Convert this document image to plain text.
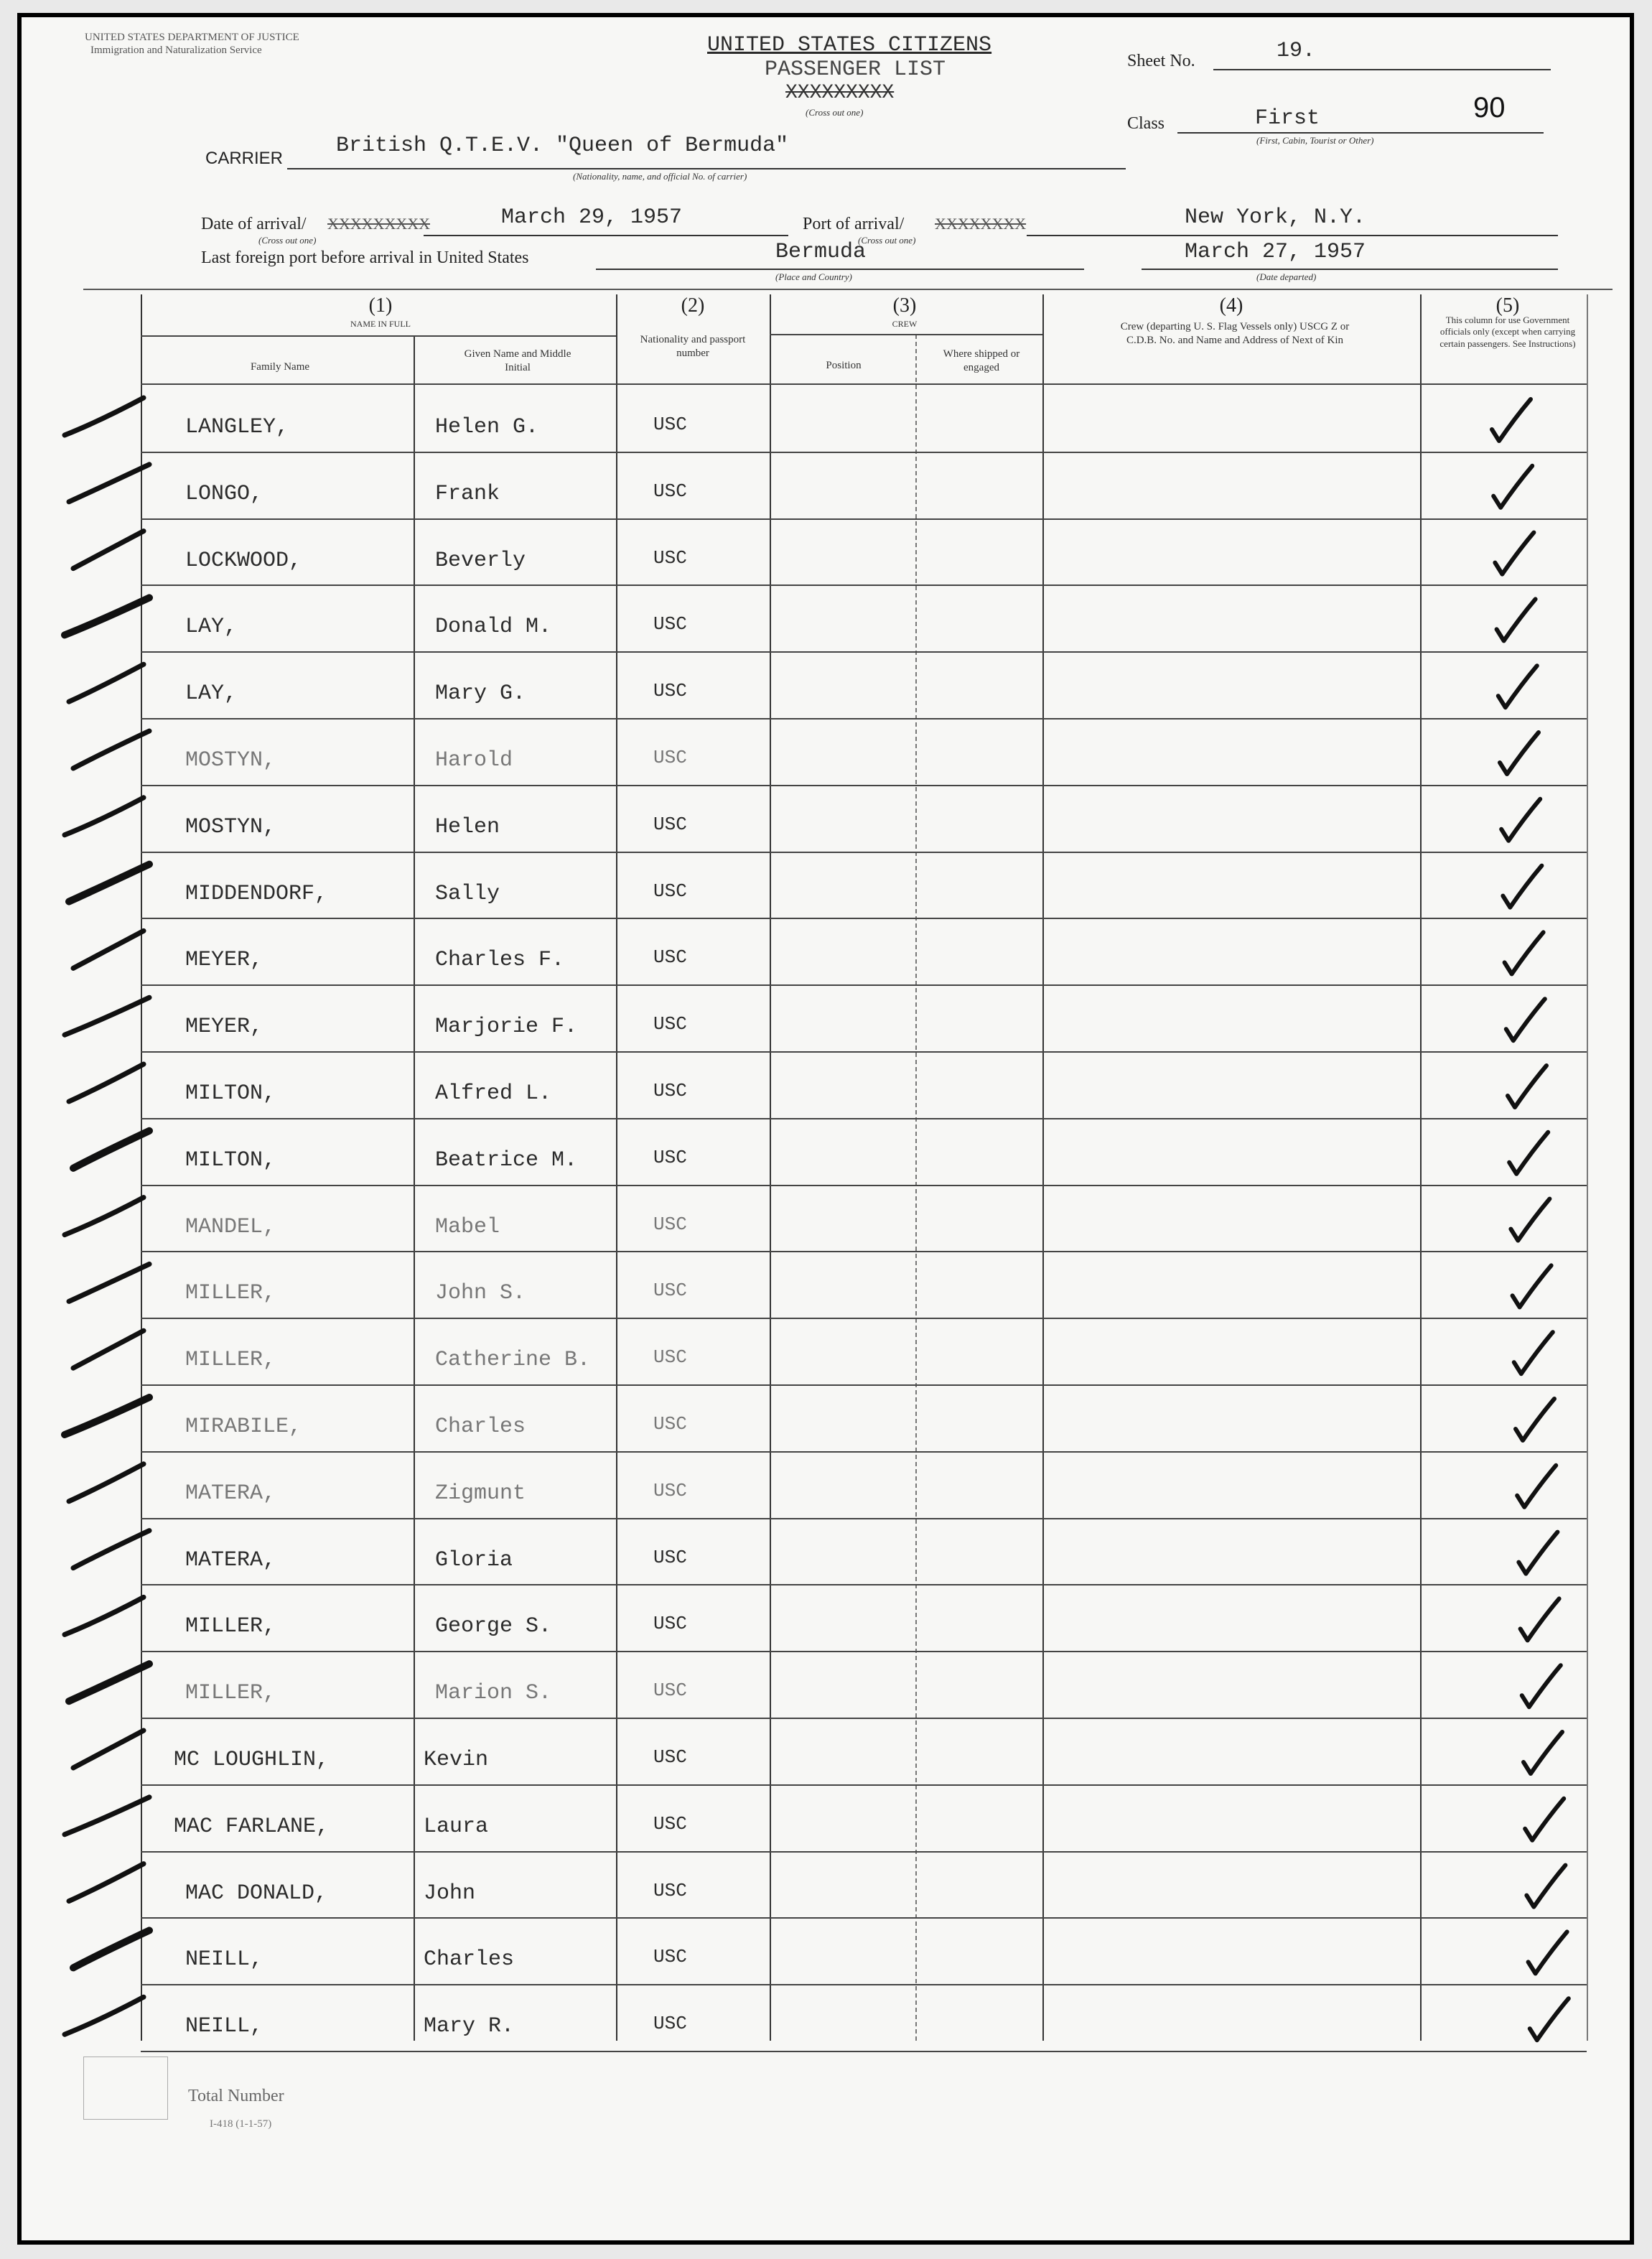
UNITED STATES DEPARTMENT OF JUSTICE
Immigration and Naturalization Service	UNITED STATES CITIZENS
PASSENGER LIST
XXXXXXXXX
(Cross out one)
Sheet No.	19.
90
Class	First
(First, Cabin, Tourist or Other)
CARRIER
British Q.T.E.V. "Queen of Bermuda"
(Nationality, name, and official No. of carrier)
Date of arrival/ XXXXXXXXX
(Cross out one)
March 29, 1957	Port of arrival/ XXXXXXXX
(Cross out one)
New York, N.Y.
Last foreign port before arrival in United States	Bermuda
(Place and Country)
March 27, 1957
(Date departed)
(1)
NAME IN FULL
Family Name
Given Name and Middle Initial
(2)
Nationality and passport number
(3)
CREW
Position
Where shipped or engaged
(4)
Crew (departing U. S. Flag Vessels only) USCG Z or C.D.B. No. and Name and Address of Next of Kin
(5)
This column for use Government officials only (except when carrying certain passengers. See Instructions)
LANGLEY,	Helen G.	USC
LONGO,	Frank	USC
LOCKWOOD,	Beverly	USC
LAY,	Donald M.	USC
LAY,	Mary G.	USC
MOSTYN,	Harold	USC
MOSTYN,	Helen	USC
MIDDENDORF,	Sally	USC
MEYER,	Charles F.	USC
MEYER,	Marjorie F.	USC
MILTON,	Alfred L.	USC
MILTON,	Beatrice M.	USC
MANDEL,	Mabel	USC
MILLER,	John S.	USC
MILLER,	Catherine B.	USC
MIRABILE,	Charles	USC
MATERA,	Zigmunt	USC
MATERA,	Gloria	USC
MILLER,	George S.	USC
MILLER,	Marion S.	USC
MC LOUGHLIN,	Kevin	USC
MAC FARLANE,	Laura	USC
MAC DONALD,	John	USC
NEILL,	Charles	USC
NEILL,	Mary R.	USC
Total Number
I-418 (1-1-57)
